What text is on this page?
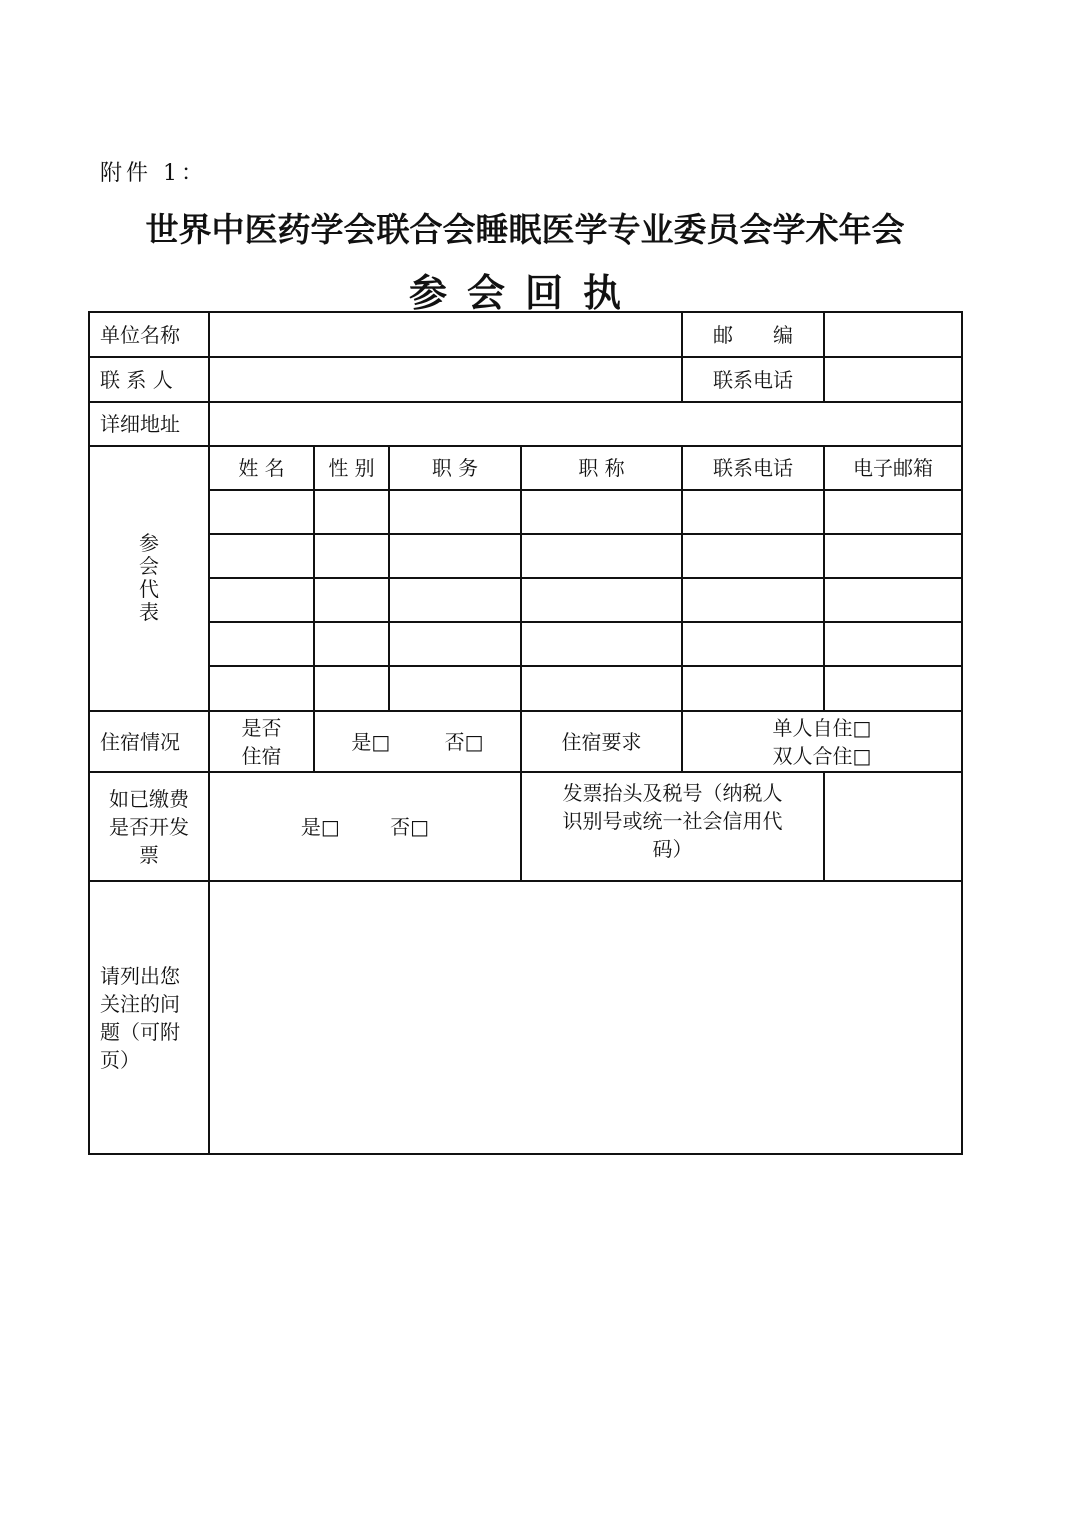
附件 1：
世界中医药学会联合会睡眠医学专业委员会学术年会
参会回执
单位名称					邮　　编	
联 系 人					联系电话	
详细地址						
参会代表	姓 名	性 别	职 务	职 称	联系电话	电子邮箱

住宿情况	是否住宿	是□ 否□		住宿要求	单人自住□
双人合住□	

如已缴费是否开发票	是□ 否□			发票抬头及税号（纳税人识别号或统一社会信用代码）		
请列出您关注的问题（可附页）						
